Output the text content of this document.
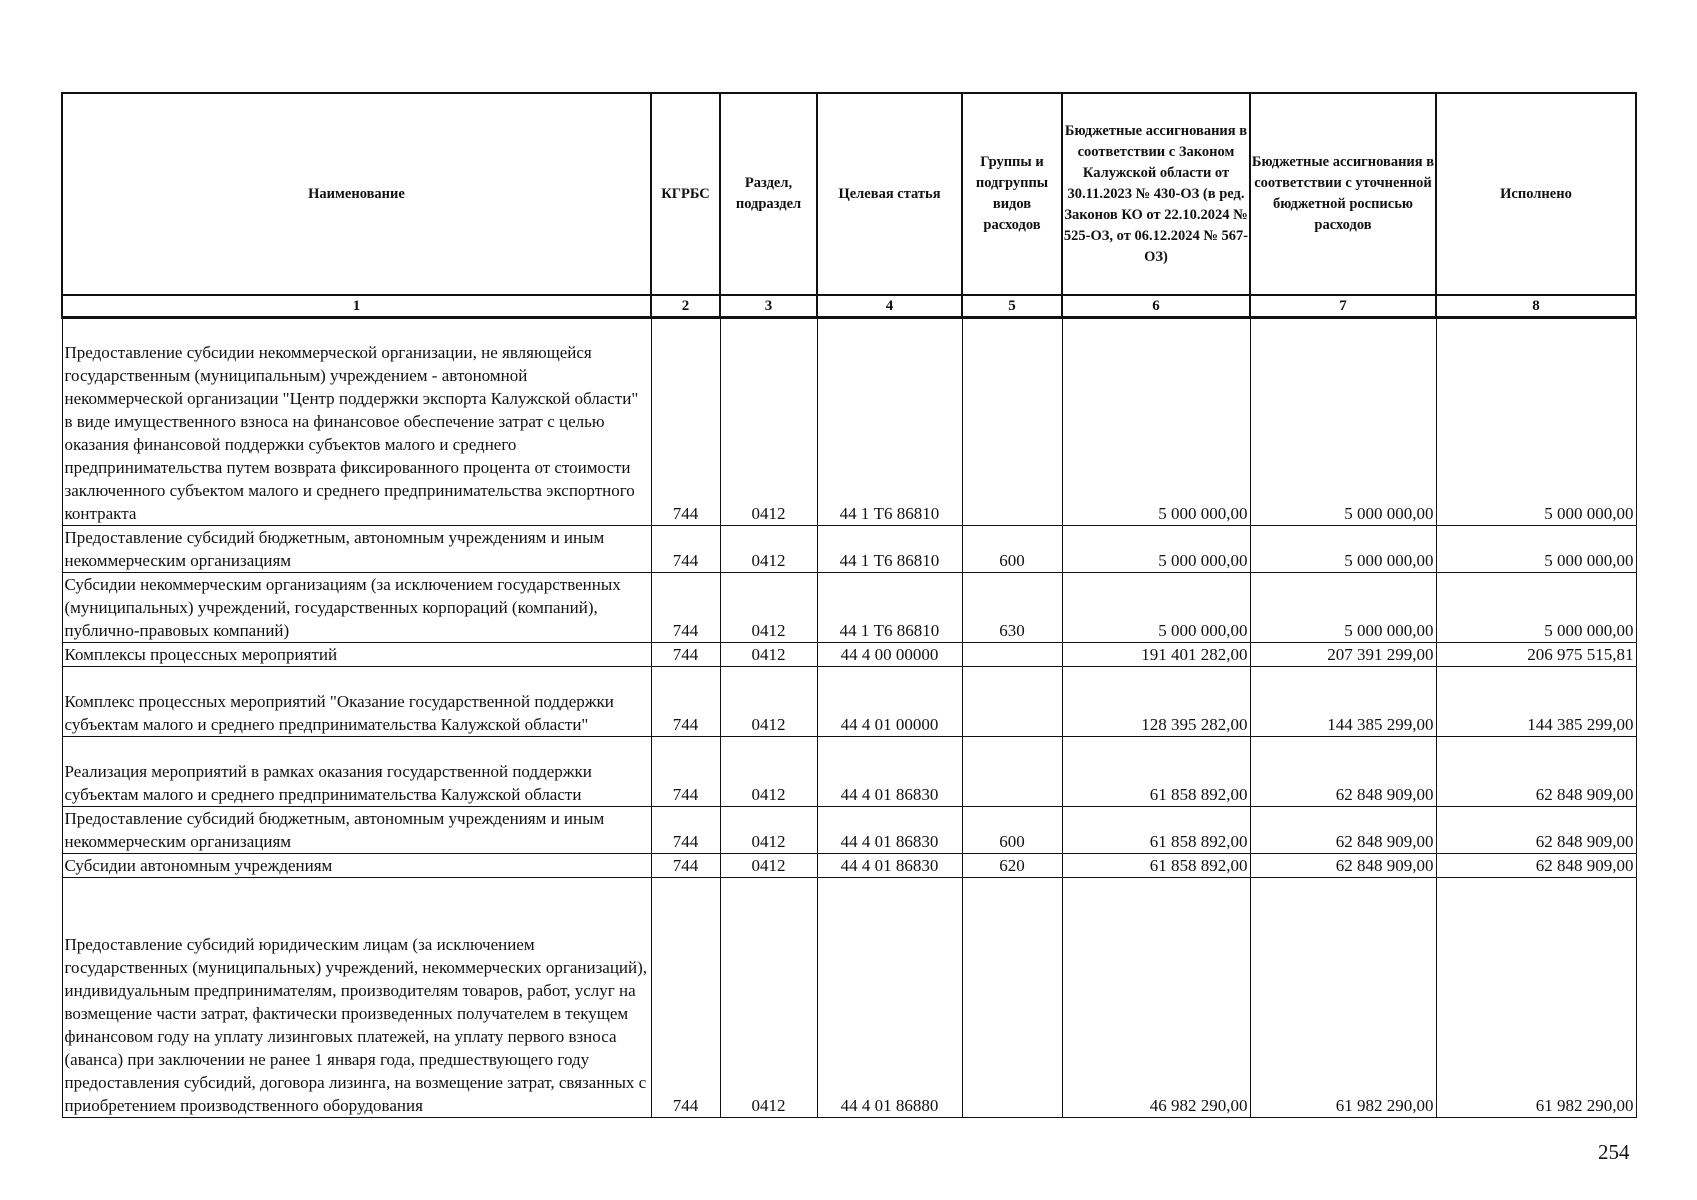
Наименование	КГРБС	Раздел, подраздел	Целевая статья	Группы и подгруппы видов расходов	Бюджетные ассигнования в соответствии с Законом Калужской области от 30.11.2023 № 430-ОЗ (в ред. Законов КО от 22.10.2024 № 525-ОЗ, от 06.12.2024 № 567-ОЗ)	Бюджетные ассигнования в соответствии с уточненной бюджетной росписью расходов	Исполнено
1	2	3	4	5	6	7	8
Предоставление субсидии некоммерческой организации, не являющейся государственным (муниципальным) учреждением - автономной некоммерческой организации "Центр поддержки экспорта Калужской области" в виде имущественного взноса на финансовое обеспечение затрат с целью оказания финансовой поддержки субъектов малого и среднего предпринимательства путем возврата фиксированного процента от стоимости заключенного субъектом малого и среднего предпринимательства экспортного контракта	744	0412	44 1 Т6 86810		5 000 000,00	5 000 000,00	5 000 000,00
Предоставление субсидий бюджетным, автономным учреждениям и иным некоммерческим организациям	744	0412	44 1 Т6 86810	600	5 000 000,00	5 000 000,00	5 000 000,00
Субсидии некоммерческим организациям (за исключением государственных (муниципальных) учреждений, государственных корпораций (компаний), публично-правовых компаний)	744	0412	44 1 Т6 86810	630	5 000 000,00	5 000 000,00	5 000 000,00
Комплексы процессных мероприятий	744	0412	44 4 00 00000		191 401 282,00	207 391 299,00	206 975 515,81
Комплекс процессных мероприятий "Оказание государственной поддержки субъектам малого и среднего предпринимательства Калужской области"	744	0412	44 4 01 00000		128 395 282,00	144 385 299,00	144 385 299,00
Реализация мероприятий в рамках оказания государственной поддержки субъектам малого и среднего предпринимательства Калужской области	744	0412	44 4 01 86830		61 858 892,00	62 848 909,00	62 848 909,00
Предоставление субсидий бюджетным, автономным учреждениям и иным некоммерческим организациям	744	0412	44 4 01 86830	600	61 858 892,00	62 848 909,00	62 848 909,00
Субсидии автономным учреждениям	744	0412	44 4 01 86830	620	61 858 892,00	62 848 909,00	62 848 909,00
Предоставление субсидий юридическим лицам (за исключением государственных (муниципальных) учреждений, некоммерческих организаций), индивидуальным предпринимателям, производителям товаров, работ, услуг на возмещение части затрат, фактически произведенных получателем в текущем финансовом году на уплату лизинговых платежей, на уплату первого взноса (аванса) при заключении не ранее 1 января года, предшествующего году предоставления субсидий, договора лизинга, на возмещение затрат, связанных с приобретением производственного оборудования	744	0412	44 4 01 86880		46 982 290,00	61 982 290,00	61 982 290,00
254
